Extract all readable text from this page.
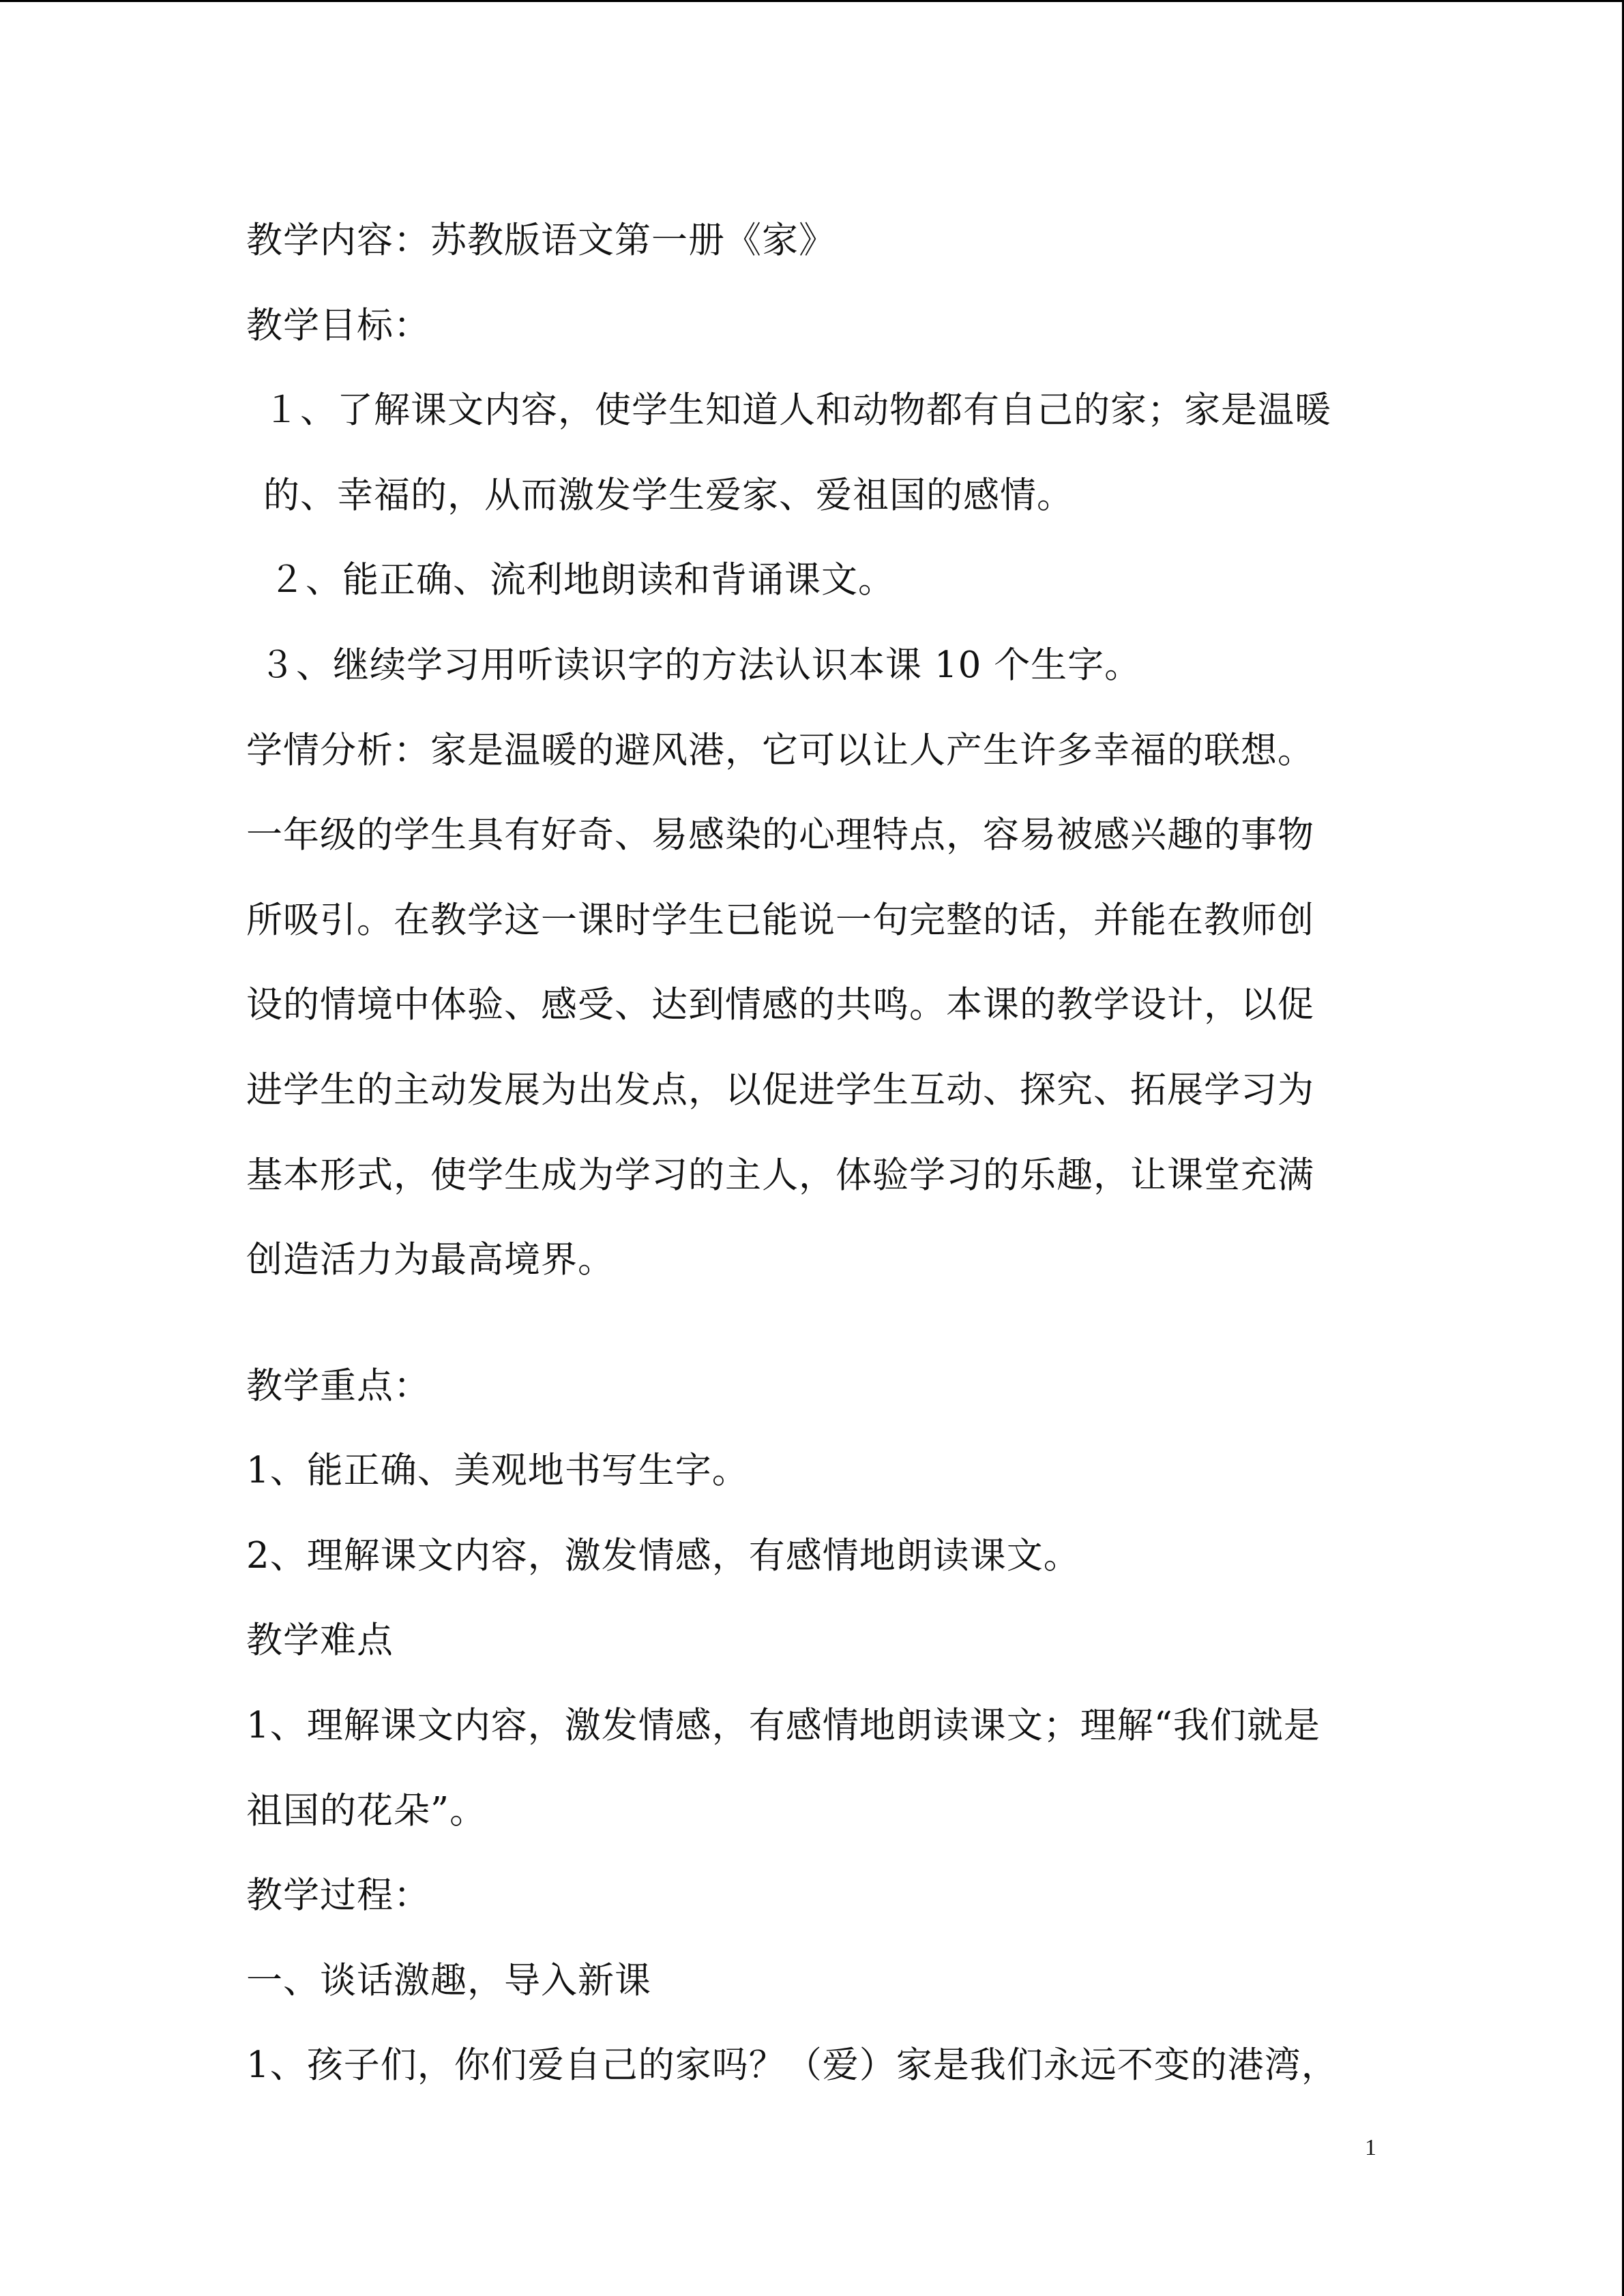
教学内容：苏教版语文第一册《家》
教学目标：
１、了解课文内容，使学生知道人和动物都有自己的家；家是温暖
的、幸福的，从而激发学生爱家、爱祖国的感情。
２、能正确、流利地朗读和背诵课文。
３、继续学习用听读识字的方法认识本课 10 个生字。
学情分析：家是温暖的避风港，它可以让人产生许多幸福的联想。
一年级的学生具有好奇、易感染的心理特点，容易被感兴趣的事物
所吸引。在教学这一课时学生已能说一句完整的话，并能在教师创
设的情境中体验、感受、达到情感的共鸣。本课的教学设计，以促
进学生的主动发展为出发点，以促进学生互动、探究、拓展学习为
基本形式，使学生成为学习的主人，体验学习的乐趣，让课堂充满
创造活力为最高境界。
教学重点：
1、能正确、美观地书写生字。
2、理解课文内容，激发情感，有感情地朗读课文。
教学难点
1、理解课文内容，激发情感，有感情地朗读课文；理解“我们就是
祖国的花朵”。
教学过程：
一、谈话激趣，导入新课
1、孩子们，你们爱自己的家吗？（爱）家是我们永远不变的港湾，
1
